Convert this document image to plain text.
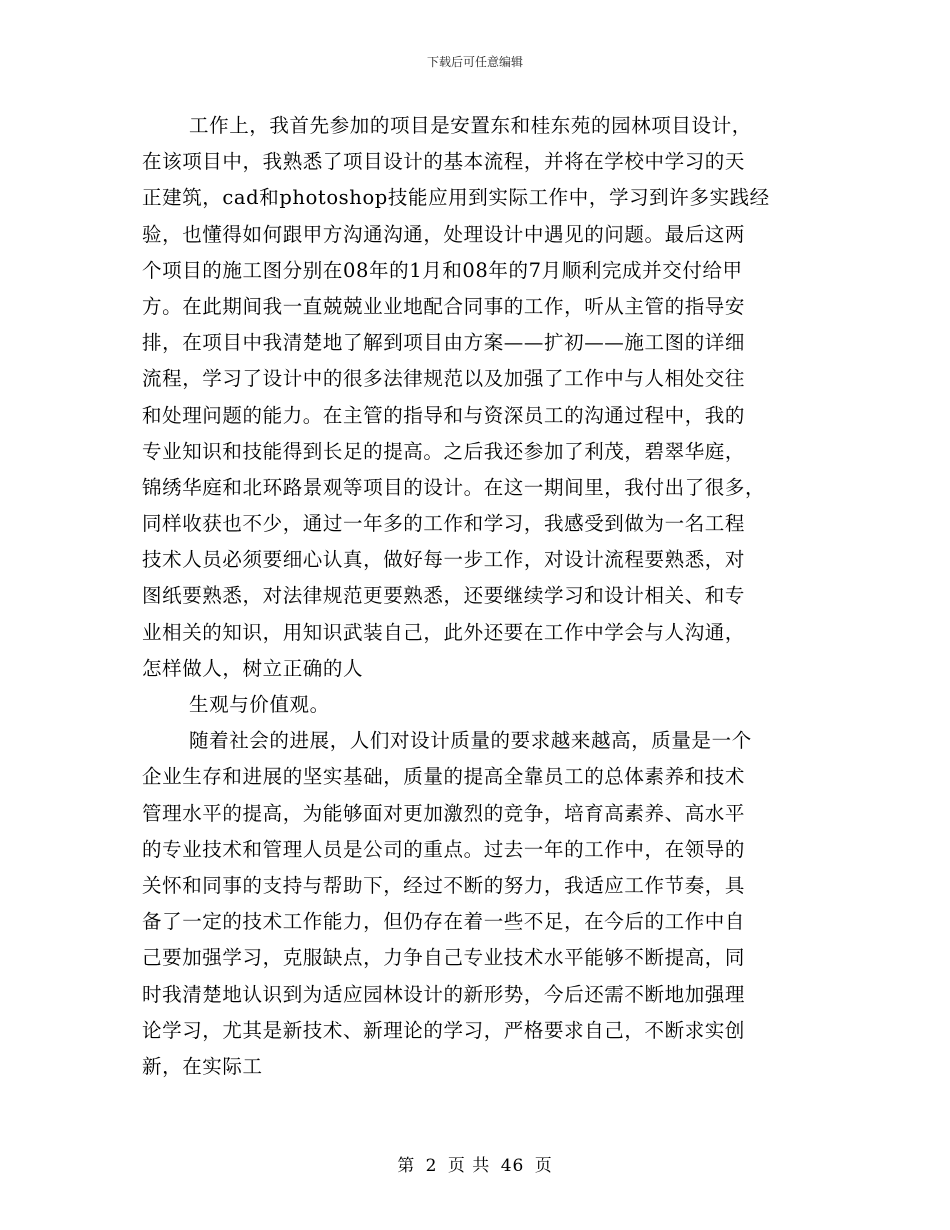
下载后可任意编辑
工作上，我首先参加的项目是安置东和桂东苑的园林项目设计，
在该项目中，我熟悉了项目设计的基本流程，并将在学校中学习的天
正建筑，cad和photoshop技能应用到实际工作中，学习到许多实践经
验，也懂得如何跟甲方沟通沟通，处理设计中遇见的问题。最后这两
个项目的施工图分别在08年的1月和08年的7月顺利完成并交付给甲
方。在此期间我一直兢兢业业地配合同事的工作，听从主管的指导安
排，在项目中我清楚地了解到项目由方案——扩初——施工图的详细
流程，学习了设计中的很多法律规范以及加强了工作中与人相处交往
和处理问题的能力。在主管的指导和与资深员工的沟通过程中，我的
专业知识和技能得到长足的提高。之后我还参加了利茂，碧翠华庭，
锦绣华庭和北环路景观等项目的设计。在这一期间里，我付出了很多，
同样收获也不少，通过一年多的工作和学习，我感受到做为一名工程
技术人员必须要细心认真，做好每一步工作，对设计流程要熟悉，对
图纸要熟悉，对法律规范更要熟悉，还要继续学习和设计相关、和专
业相关的知识，用知识武装自己，此外还要在工作中学会与人沟通，
怎样做人，树立正确的人
生观与价值观。
随着社会的进展，人们对设计质量的要求越来越高，质量是一个
企业生存和进展的坚实基础，质量的提高全靠员工的总体素养和技术
管理水平的提高，为能够面对更加激烈的竞争，培育高素养、高水平
的专业技术和管理人员是公司的重点。过去一年的工作中，在领导的
关怀和同事的支持与帮助下，经过不断的努力，我适应工作节奏，具
备了一定的技术工作能力，但仍存在着一些不足，在今后的工作中自
己要加强学习，克服缺点，力争自己专业技术水平能够不断提高，同
时我清楚地认识到为适应园林设计的新形势，今后还需不断地加强理
论学习，尤其是新技术、新理论的学习，严格要求自己，不断求实创
新，在实际工
第 2 页 共 46 页
